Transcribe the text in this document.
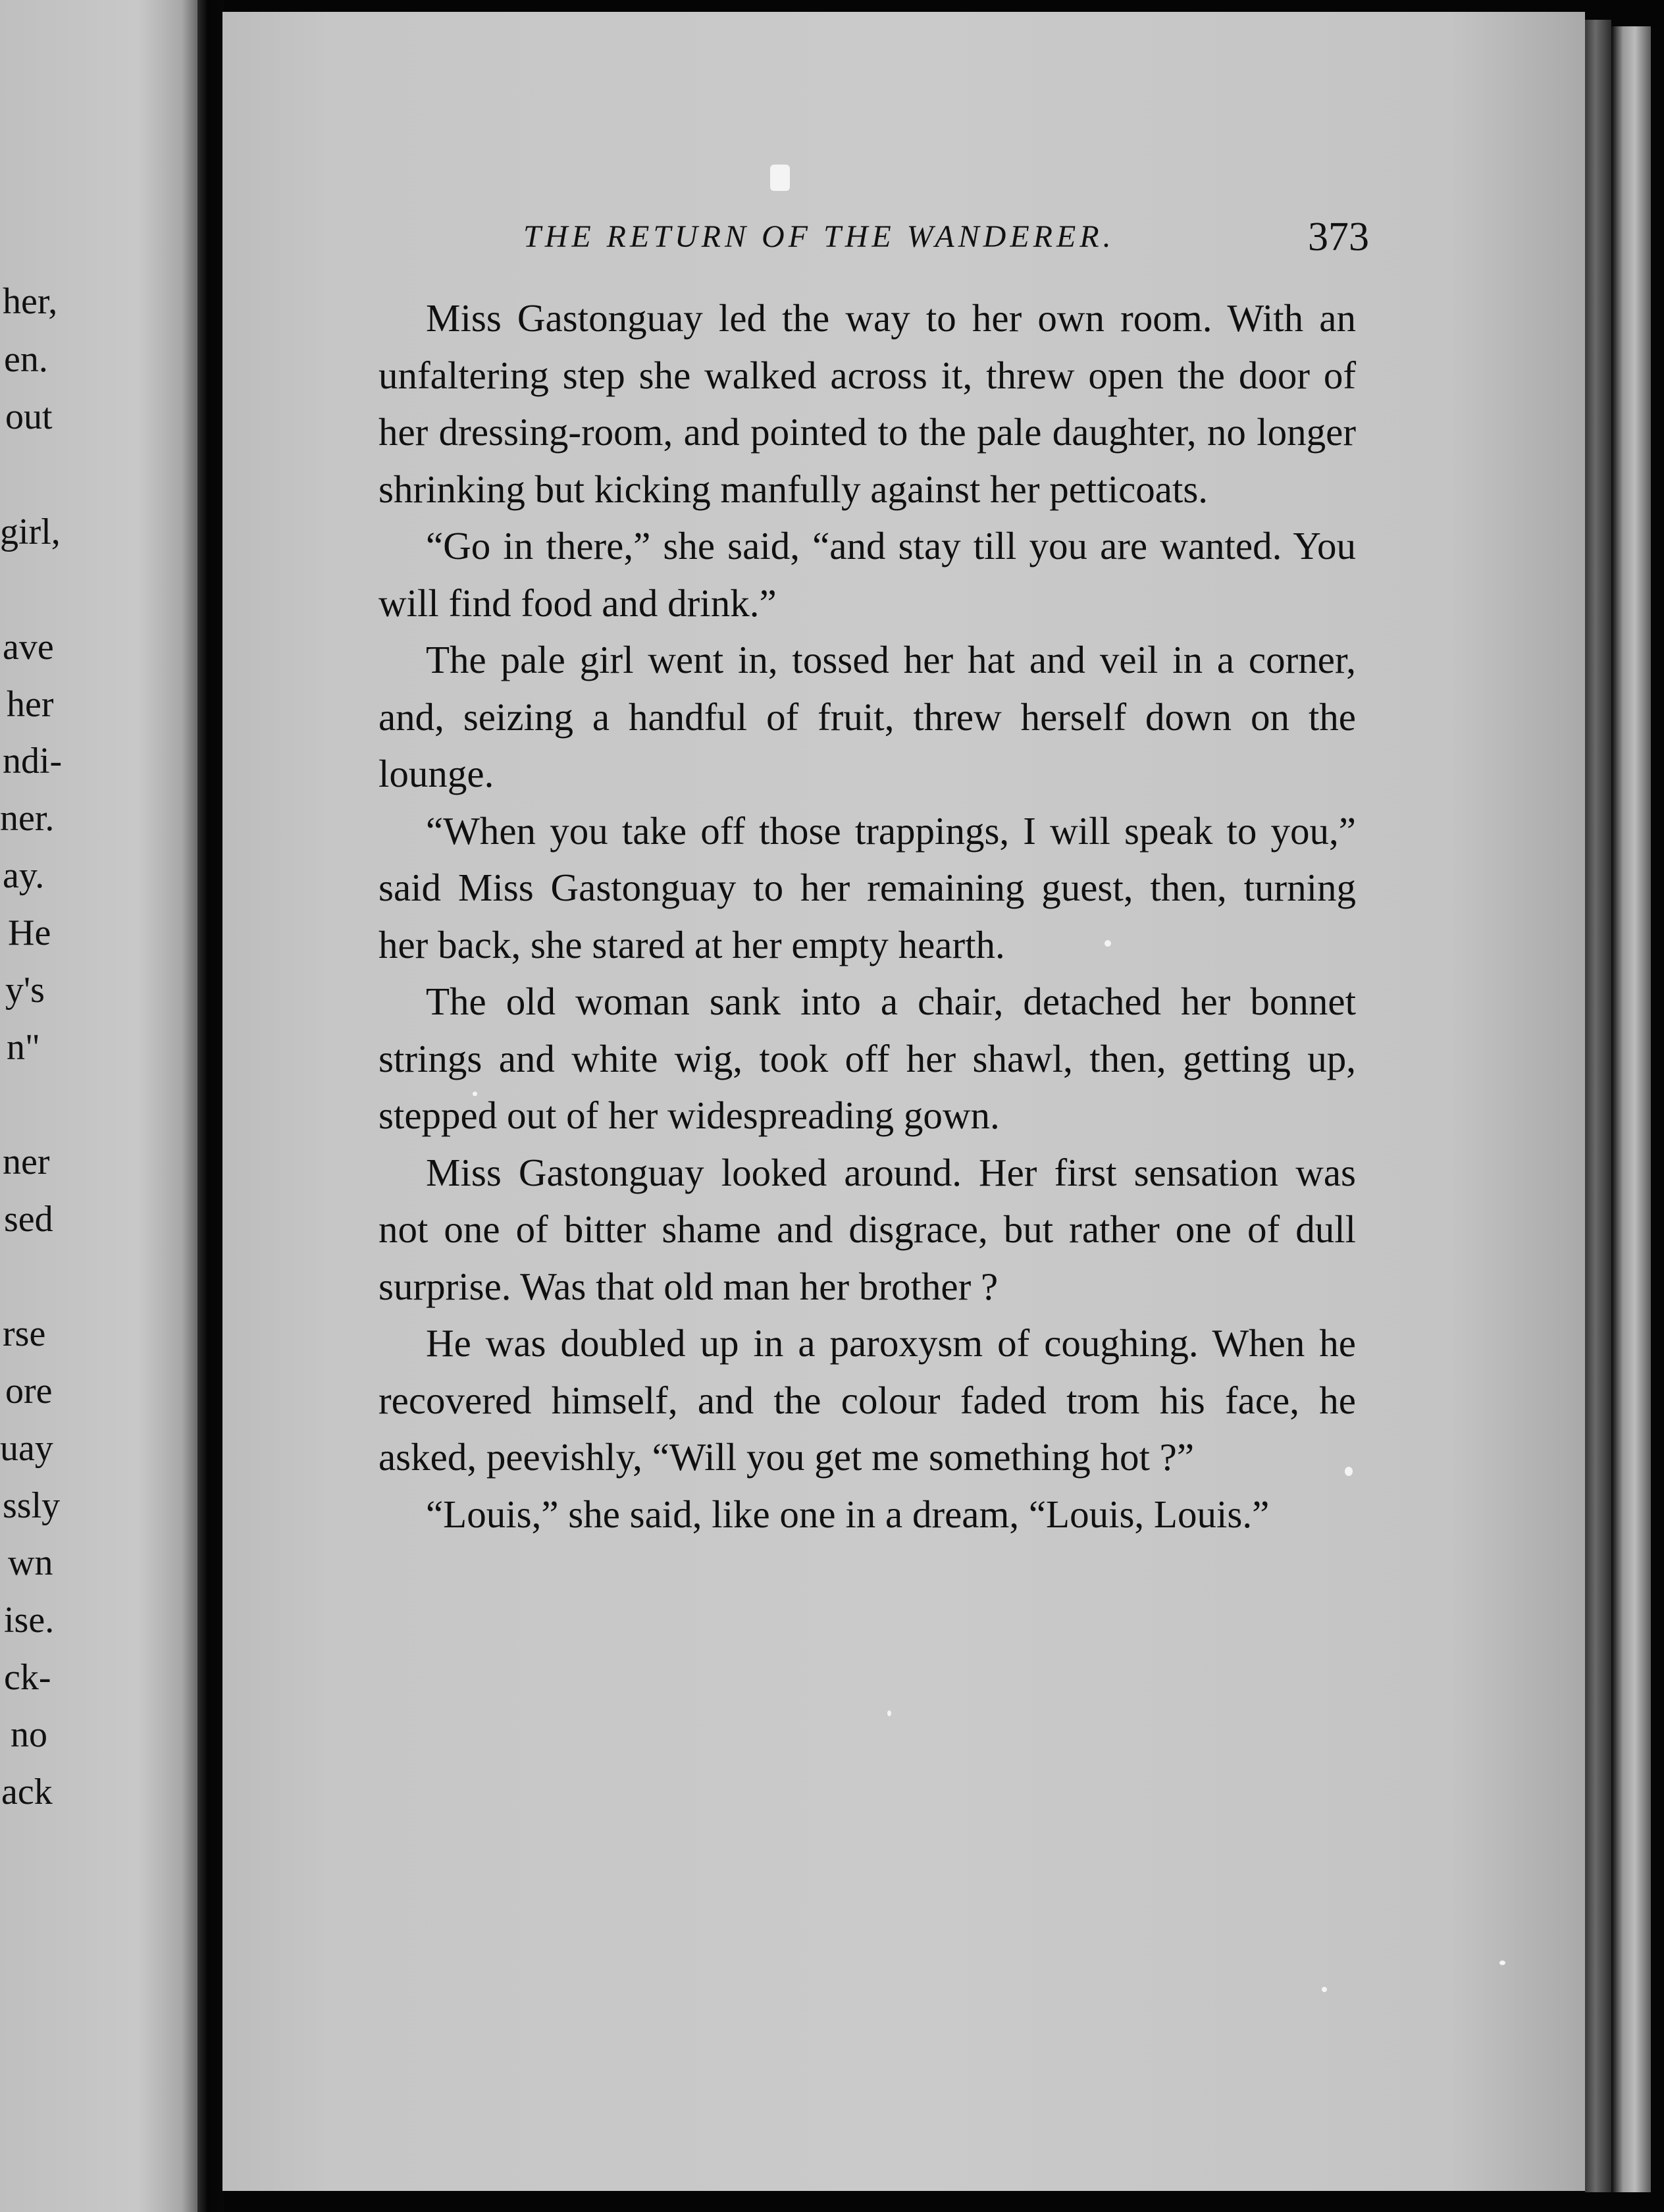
her,
en.
out
girl,
ave
her
ndi-
ner.
ay.
He
y's
n"
ner
sed
rse
ore
uay
ssly
wn
ise.
ck-
no
ack
THE RETURN OF THE WANDERER.	373

Miss Gastonguay led the way to her own room. With an unfaltering step she walked across it, threw open the door of her dressing-room, and pointed to the pale daughter, no longer shrinking but kicking manfully against her petticoats.

“Go in there,” she said, “and stay till you are wanted. You will find food and drink.”

The pale girl went in, tossed her hat and veil in a corner, and, seizing a handful of fruit, threw herself down on the lounge.

“When you take off those trappings, I will speak to you,” said Miss Gastonguay to her remaining guest, then, turning her back, she stared at her empty hearth.

The old woman sank into a chair, detached her bonnet strings and white wig, took off her shawl, then, getting up, stepped out of her widespreading gown.

Miss Gastonguay looked around. Her first sensation was not one of bitter shame and disgrace, but rather one of dull surprise. Was that old man her brother ?

He was doubled up in a paroxysm of coughing. When he recovered himself, and the colour faded trom his face, he asked, peevishly, “Will you get me something hot ?”

“Louis,” she said, like one in a dream, “Louis, Louis.”
